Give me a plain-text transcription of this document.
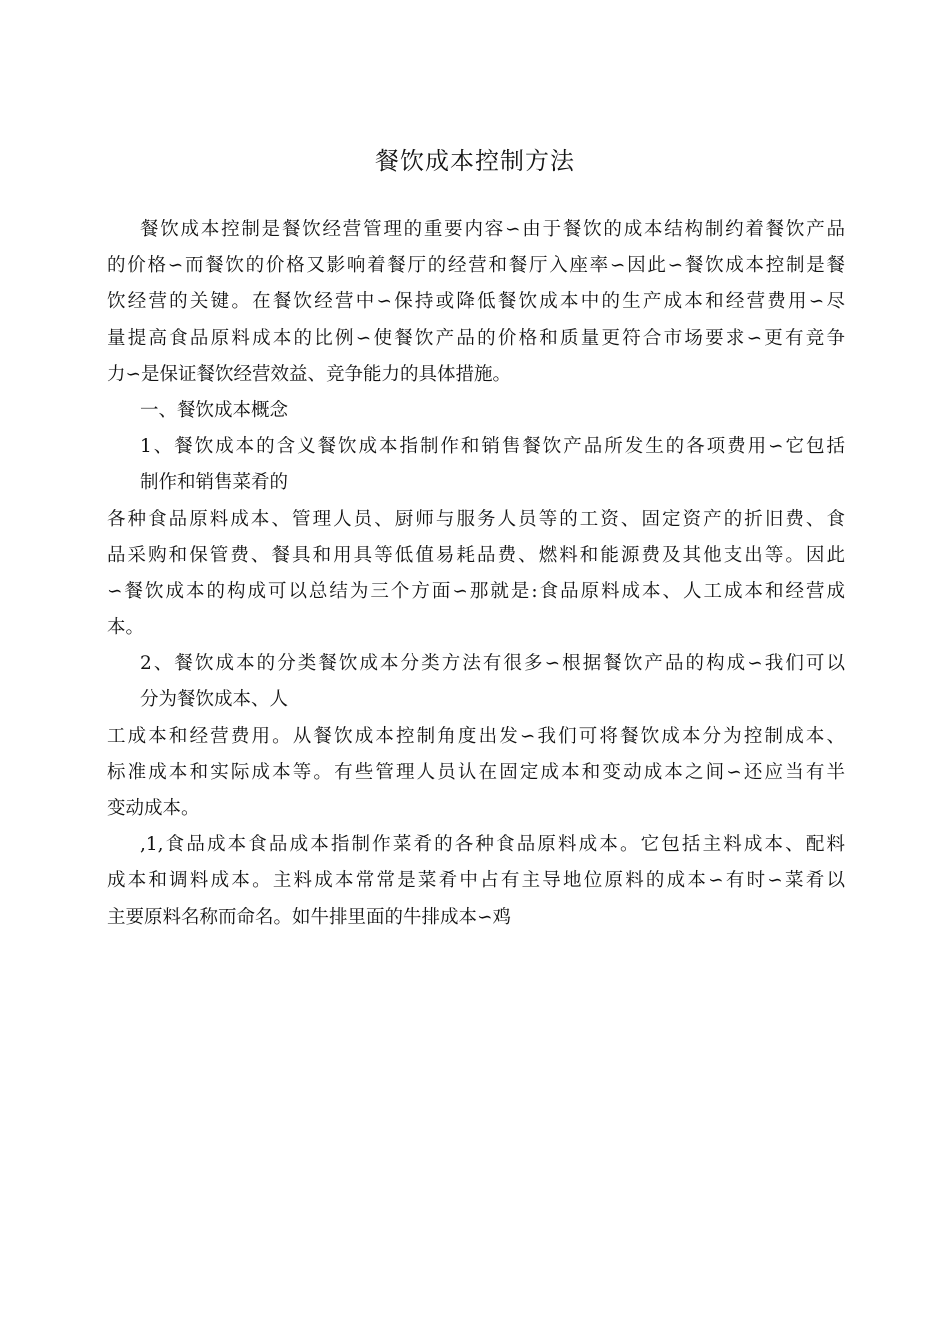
餐饮成本控制方法
餐饮成本控制是餐饮经营管理的重要内容∽由于餐饮的成本结构制约着餐饮产品
的价格∽而餐饮的价格又影响着餐厅的经营和餐厅入座率∽因此∽餐饮成本控制是餐
饮经营的关键。在餐饮经营中∽保持或降低餐饮成本中的生产成本和经营费用∽尽
量提高食品原料成本的比例∽使餐饮产品的价格和质量更符合市场要求∽更有竞争
力∽是保证餐饮经营效益、竞争能力的具体措施。
一、餐饮成本概念
1、餐饮成本的含义餐饮成本指制作和销售餐饮产品所发生的各项费用∽它包括
制作和销售菜肴的
各种食品原料成本、管理人员、厨师与服务人员等的工资、固定资产的折旧费、食
品采购和保管费、餐具和用具等低值易耗品费、燃料和能源费及其他支出等。因此
∽餐饮成本的构成可以总结为三个方面∽那就是:食品原料成本、人工成本和经营成
本。
2、餐饮成本的分类餐饮成本分类方法有很多∽根据餐饮产品的构成∽我们可以
分为餐饮成本、人
工成本和经营费用。从餐饮成本控制角度出发∽我们可将餐饮成本分为控制成本、
标准成本和实际成本等。有些管理人员认在固定成本和变动成本之间∽还应当有半
变动成本。
,1,食品成本食品成本指制作菜肴的各种食品原料成本。它包括主料成本、配料
成本和调料成本。主料成本常常是菜肴中占有主导地位原料的成本∽有时∽菜肴以
主要原料名称而命名。如牛排里面的牛排成本∽鸡
